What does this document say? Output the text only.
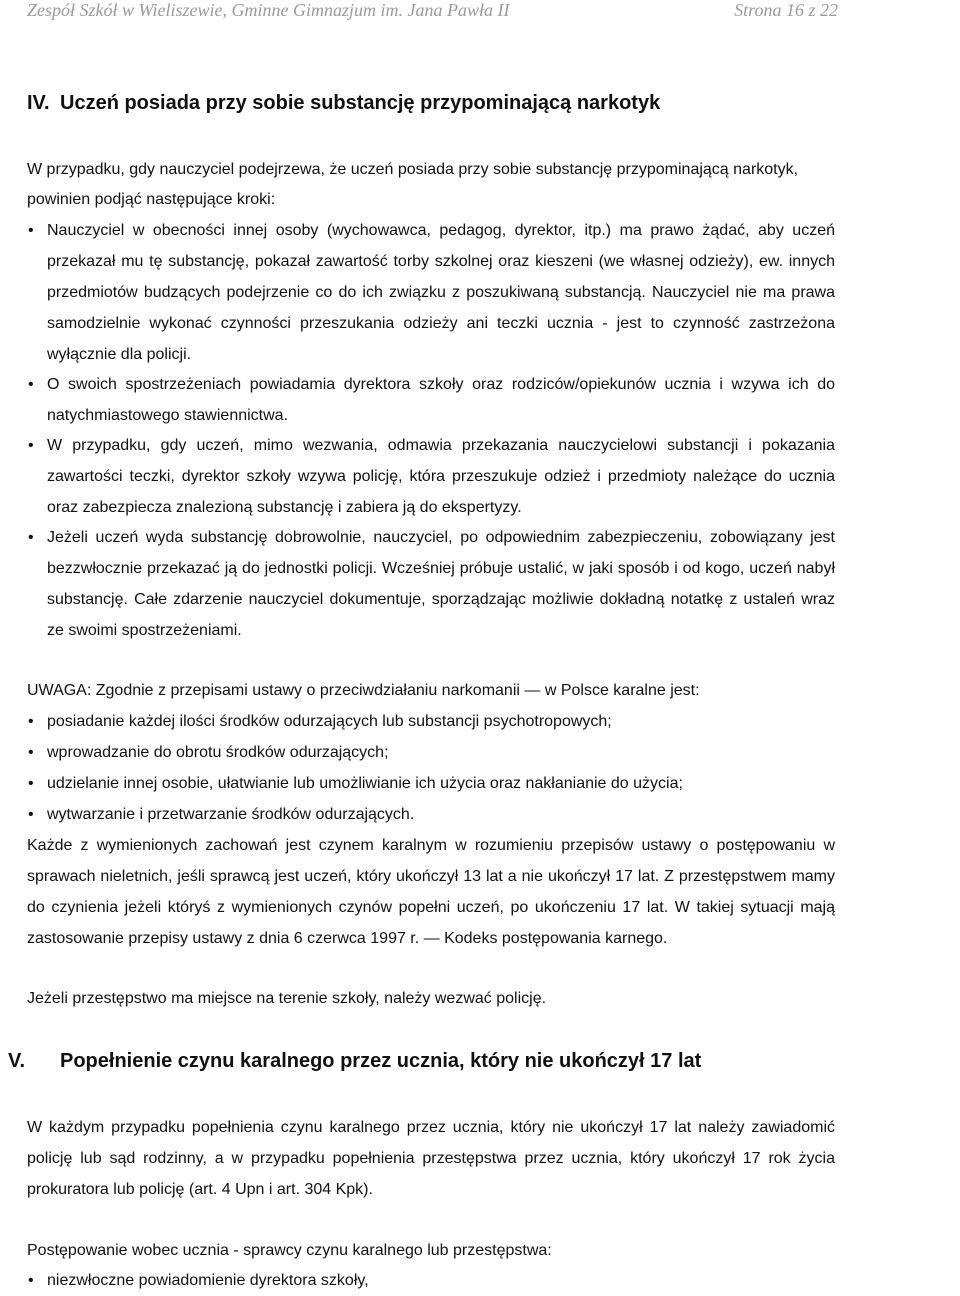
Zespół Szkół w Wieliszewie, Gminne Gimnazjum im. Jana Pawła II	Strona 16 z 22
IV. Uczeń posiada przy sobie substancję przypominającą narkotyk

W przypadku, gdy nauczyciel podejrzewa, że uczeń posiada przy sobie substancję przypominającą narkotyk, powinien podjąć następujące kroki:

• Nauczyciel w obecności innej osoby (wychowawca, pedagog, dyrektor, itp.) ma prawo żądać, aby uczeń przekazał mu tę substancję, pokazał zawartość torby szkolnej oraz kieszeni (we własnej odzieży), ew. innych przedmiotów budzących podejrzenie co do ich związku z poszukiwaną substancją. Nauczyciel nie ma prawa samodzielnie wykonać czynności przeszukania odzieży ani teczki ucznia - jest to czynność zastrzeżona wyłącznie dla policji.

• O swoich spostrzeżeniach powiadamia dyrektora szkoły oraz rodziców/opiekunów ucznia i wzywa ich do natychmiastowego stawiennictwa.

• W przypadku, gdy uczeń, mimo wezwania, odmawia przekazania nauczycielowi substancji i pokazania zawartości teczki, dyrektor szkoły wzywa policję, która przeszukuje odzież i przedmioty należące do ucznia oraz zabezpiecza znalezioną substancję i zabiera ją do ekspertyzy.

• Jeżeli uczeń wyda substancję dobrowolnie, nauczyciel, po odpowiednim zabezpieczeniu, zobowiązany jest bezzwłocznie przekazać ją do jednostki policji. Wcześniej próbuje ustalić, w jaki sposób i od kogo, uczeń nabył substancję. Całe zdarzenie nauczyciel dokumentuje, sporządzając możliwie dokładną notatkę z ustaleń wraz ze swoimi spostrzeżeniami.

UWAGA: Zgodnie z przepisami ustawy o przeciwdziałaniu narkomanii — w Polsce karalne jest:

• posiadanie każdej ilości środków odurzających lub substancji psychotropowych;

• wprowadzanie do obrotu środków odurzających;

• udzielanie innej osobie, ułatwianie lub umożliwianie ich użycia oraz nakłanianie do użycia;

• wytwarzanie i przetwarzanie środków odurzających.

Każde z wymienionych zachowań jest czynem karalnym w rozumieniu przepisów ustawy o postępowaniu w sprawach nieletnich, jeśli sprawcą jest uczeń, który ukończył 13 lat a nie ukończył 17 lat. Z przestępstwem mamy do czynienia jeżeli któryś z wymienionych czynów popełni uczeń, po ukończeniu 17 lat. W takiej sytuacji mają zastosowanie przepisy ustawy z dnia 6 czerwca 1997 r. — Kodeks postępowania karnego.

Jeżeli przestępstwo ma miejsce na terenie szkoły, należy wezwać policję.

V. Popełnienie czynu karalnego przez ucznia, który nie ukończył 17 lat

W każdym przypadku popełnienia czynu karalnego przez ucznia, który nie ukończył 17 lat należy zawiadomić policję lub sąd rodzinny, a w przypadku popełnienia przestępstwa przez ucznia, który ukończył 17 rok życia prokuratora lub policję (art. 4 Upn i art. 304 Kpk).

Postępowanie wobec ucznia - sprawcy czynu karalnego lub przestępstwa:

• niezwłoczne powiadomienie dyrektora szkoły,
